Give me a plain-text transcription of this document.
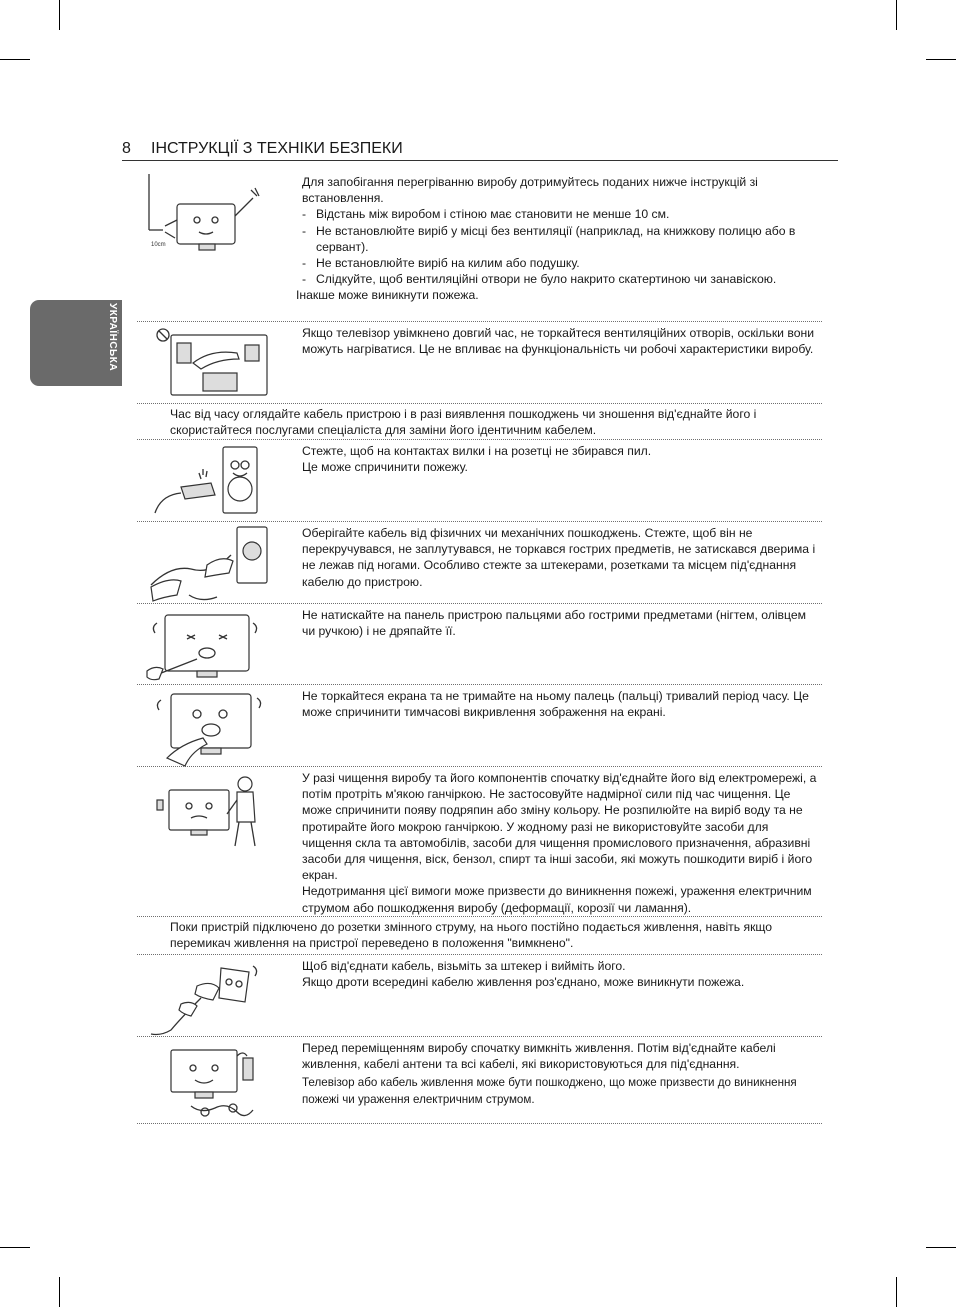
8 ІНСТРУКЦІЇ З ТЕХНІКИ БЕЗПЕКИ
УКРАЇНСЬКА
10cm

Для запобігання перегріванню виробу дотримуйтесь поданих нижче інструкцій зі встановлення.

- Відстань між виробом і стіною має становити не менше 10 см.
- Не встановлюйте виріб у місці без вентиляції (наприклад, на книжкову полицю або в сервант).
- Не встановлюйте виріб на килим або подушку.
- Слідкуйте, щоб вентиляційні отвори не було накрито скатертиною чи занавіскою.

Інакше може виникнути пожежа.

Якщо телевізор увімкнено довгий час, не торкайтеся вентиляційних отворів, оскільки вони можуть нагріватися. Це не впливає на функціональність чи робочі характеристики виробу.
Час від часу оглядайте кабель пристрою і в разі виявлення пошкоджень чи зношення від'єднайте його і скористайтеся послугами спеціаліста для заміни його ідентичним кабелем.

Стежте, щоб на контактах вилки і на розетці не збирався пил.

Це може спричинити пожежу.

Оберігайте кабель від фізичних чи механічних пошкоджень. Стежте, щоб він не перекручувався, не заплутувався, не торкався гострих предметів, не затискався дверима і не лежав під ногами. Особливо стежте за штекерами, розетками та місцем під'єднання кабелю до пристрою.
Не натискайте на панель пристрою пальцями або гострими предметами (нігтем, олівцем чи ручкою) і не дряпайте її.
Не торкайтеся екрана та не тримайте на ньому палець (пальці) тривалий період часу. Це може спричинити тимчасові викривлення зображення на екрані.

У разі чищення виробу та його компонентів спочатку від'єднайте його від електромережі, а потім протріть м'якою ганчіркою. Не застосовуйте надмірної сили під час чищення. Це може спричинити появу подряпин або зміну кольору. Не розпилюйте на виріб воду та не протирайте його мокрою ганчіркою. У жодному разі не використовуйте засоби для чищення скла та автомобілів, засоби для чищення промислового призначення, абразивні засоби для чищення, віск, бензол, спирт та інші засоби, які можуть пошкодити виріб і його екран.

Недотримання цієї вимоги може призвести до виникнення пожежі, ураження електричним струмом або пошкодження виробу (деформації, корозії чи ламання).

Поки пристрій підключено до розетки змінного струму, на нього постійно подається живлення, навіть якщо перемикач живлення на пристрої переведено в положення "вимкнено".

Щоб від'єднати кабель, візьміть за штекер і вийміть його.

Якщо дроти всередині кабелю живлення роз'єднано, може виникнути пожежа.

Перед переміщенням виробу спочатку вимкніть живлення. Потім від'єднайте кабелі живлення, кабелі антени та всі кабелі, які використовуються для під'єднання.

Телевізор або кабель живлення може бути пошкоджено, що може призвести до виникнення пожежі чи ураження електричним струмом.
